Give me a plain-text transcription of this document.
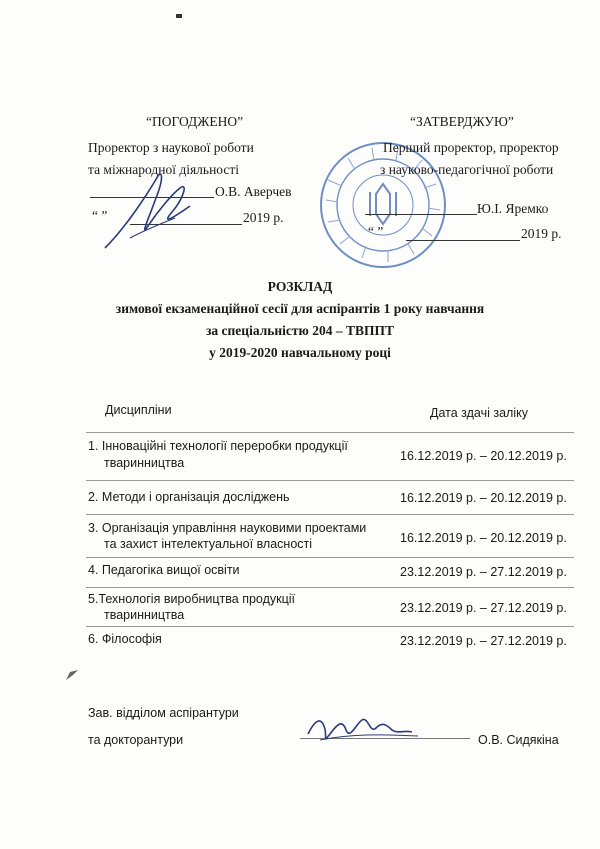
“ПОГОДЖЕНО”
Проректор з наукової роботи
та міжнародної діяльності
О.В. Аверчев
“ ”	2019 р.
“ЗАТВЕРДЖУЮ”
Перший проректор, проректор
з науково-педагогічної роботи
Ю.І. Яремко
“ ”	2019 р.
РОЗКЛАД
зимової екзаменаційної сесії для аспірантів 1 року навчання
за спеціальністю 204 – ТВППТ
у 2019-2020 навчальному році
Дисципліни	Дата здачі заліку
1. Інноваційні технології переробки продукції
тваринництва	16.12.2019 р. – 20.12.2019 р.
2. Методи і організація досліджень	16.12.2019 р. – 20.12.2019 р.
3. Організація управління науковими проектами
та захист інтелектуальної власності	16.12.2019 р. – 20.12.2019 р.
4. Педагогіка вищої освіти	23.12.2019 р. – 27.12.2019 р.
5.Технологія виробництва продукції
тваринництва	23.12.2019 р. – 27.12.2019 р.
6. Філософія	23.12.2019 р. – 27.12.2019 р.
Зав. відділом аспірантури
та докторантури	О.В. Сидякіна
